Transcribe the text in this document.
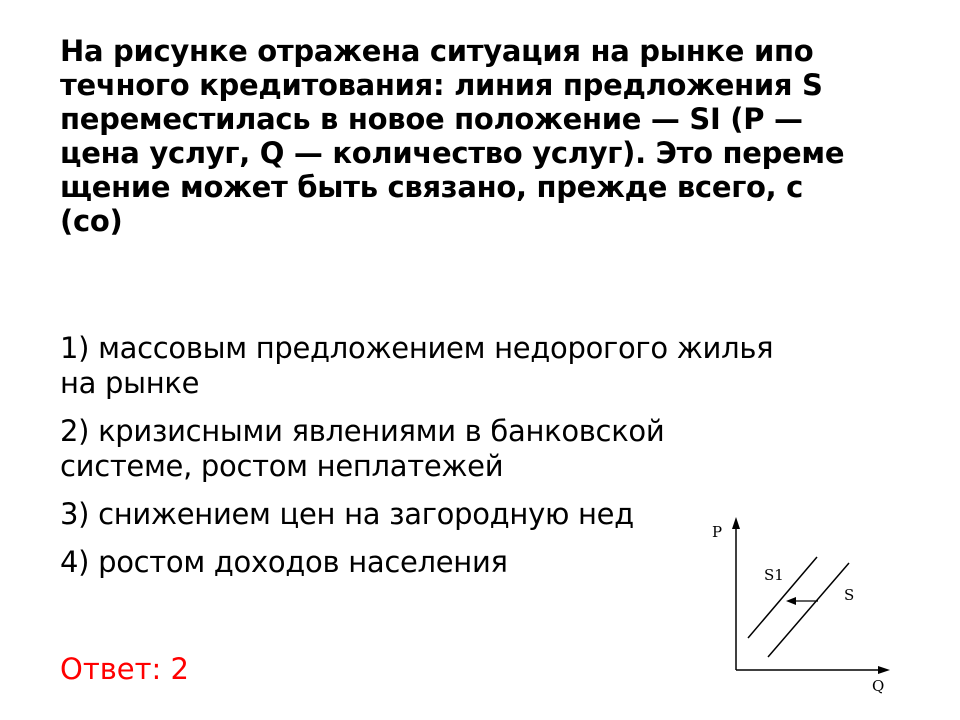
На рисунке отражена ситуация на рынке ипо
течного кредитования: линия предложения S
переместилась в новое положение — SI (P —
цена услуг, Q — количество услуг). Это переме
щение может быть связано, прежде всего, с
(со)
1) массовым предложением недорогого жилья
на рынке
2) кризисными явлениями в банковской
системе, ростом неплатежей
3) снижением цен на загородную нед
4) ростом доходов населения
Ответ: 2
P
Q
S1
S
